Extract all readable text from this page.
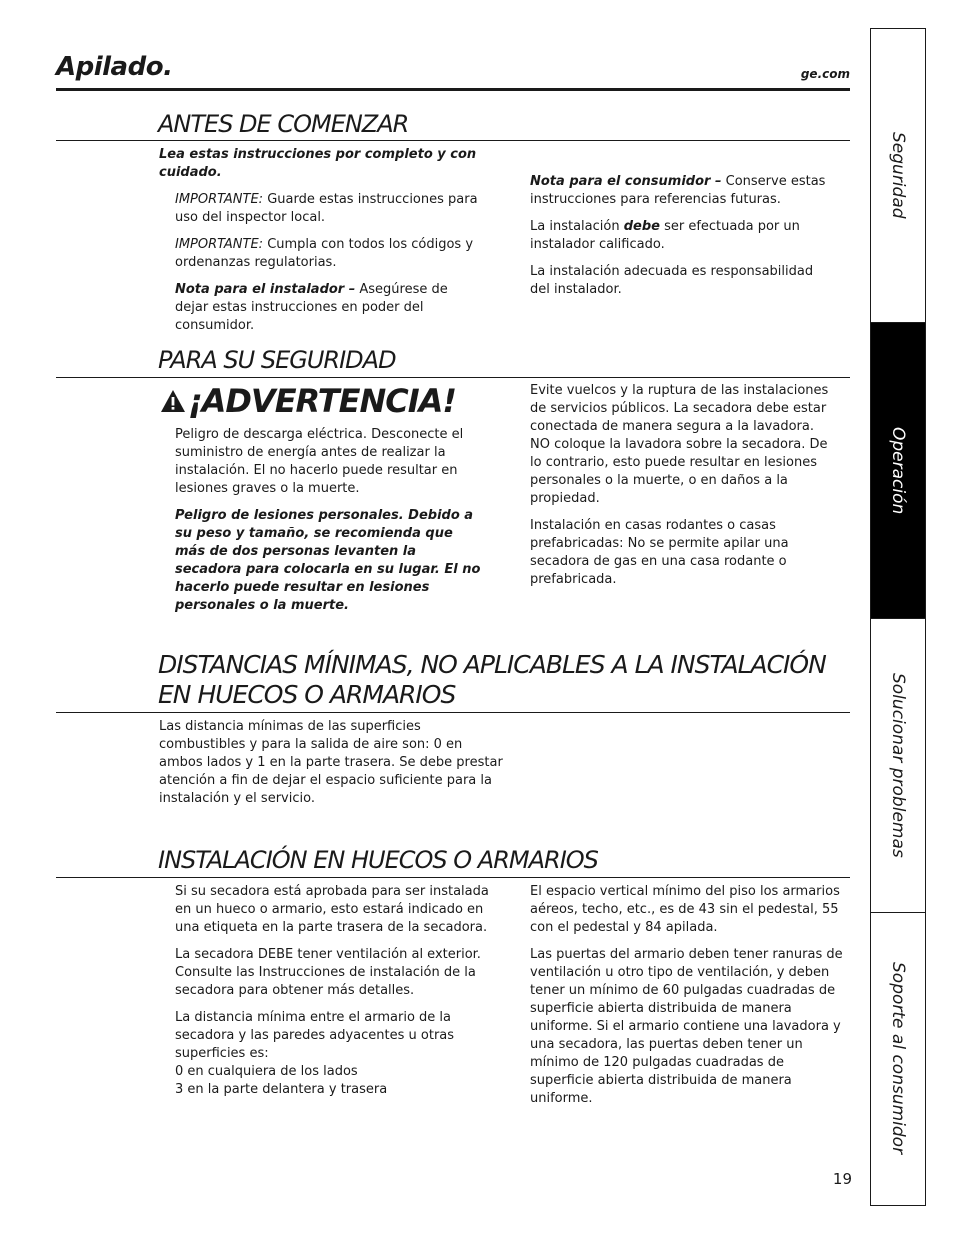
Apilado.	ge.com
ANTES DE COMENZAR

Lea estas instrucciones por completo y con cuidado.

IMPORTANTE: Guarde estas instrucciones para uso del inspector local.

IMPORTANTE: Cumpla con todos los códigos y ordenanzas regulatorias.

Nota para el instalador – Asegúrese de dejar estas instrucciones en poder del consumidor.

Nota para el consumidor – Conserve estas instrucciones para referencias futuras.

La instalación debe ser efectuada por un instalador calificado.

La instalación adecuada es responsabilidad del instalador.

PARA SU SEGURIDAD
¡ADVERTENCIA!

Peligro de descarga eléctrica. Desconecte el suministro de energía antes de realizar la instalación. El no hacerlo puede resultar en lesiones graves o la muerte.

Peligro de lesiones personales. Debido a su peso y tamaño, se recomienda que más de dos personas levanten la secadora para colocarla en su lugar. El no hacerlo puede resultar en lesiones personales o la muerte.

Evite vuelcos y la ruptura de las instalaciones de servicios públicos. La secadora debe estar conectada de manera segura a la lavadora. NO coloque la lavadora sobre la secadora. De lo contrario, esto puede resultar en lesiones personales o la muerte, o en daños a la propiedad.

Instalación en casas rodantes o casas prefabricadas: No se permite apilar una secadora de gas en una casa rodante o prefabricada.

DISTANCIAS MÍNIMAS, NO APLICABLES A LA INSTALACIÓN
EN HUECOS O ARMARIOS

Las distancia mínimas de las superficies combustibles y para la salida de aire son: 0 en ambos lados y 1 en la parte trasera. Se debe prestar atención a fin de dejar el espacio suficiente para la instalación y el servicio.

INSTALACIÓN EN HUECOS O ARMARIOS

Si su secadora está aprobada para ser instalada en un hueco o armario, esto estará indicado en una etiqueta en la parte trasera de la secadora.

La secadora DEBE tener ventilación al exterior. Consulte las Instrucciones de instalación de la secadora para obtener más detalles.

La distancia mínima entre el armario de la secadora y las paredes adyacentes u otras superficies es:
0 en cualquiera de los lados
3 en la parte delantera y trasera

El espacio vertical mínimo del piso los armarios aéreos, techo, etc., es de 43 sin el pedestal, 55 con el pedestal y 84 apilada.

Las puertas del armario deben tener ranuras de ventilación u otro tipo de ventilación, y deben tener un mínimo de 60 pulgadas cuadradas de superficie abierta distribuida de manera uniforme. Si el armario contiene una lavadora y una secadora, las puertas deben tener un mínimo de 120 pulgadas cuadradas de superficie abierta distribuida de manera uniforme.

Seguridad
Operación
Solucionar problemas
Soporte al consumidor
19
